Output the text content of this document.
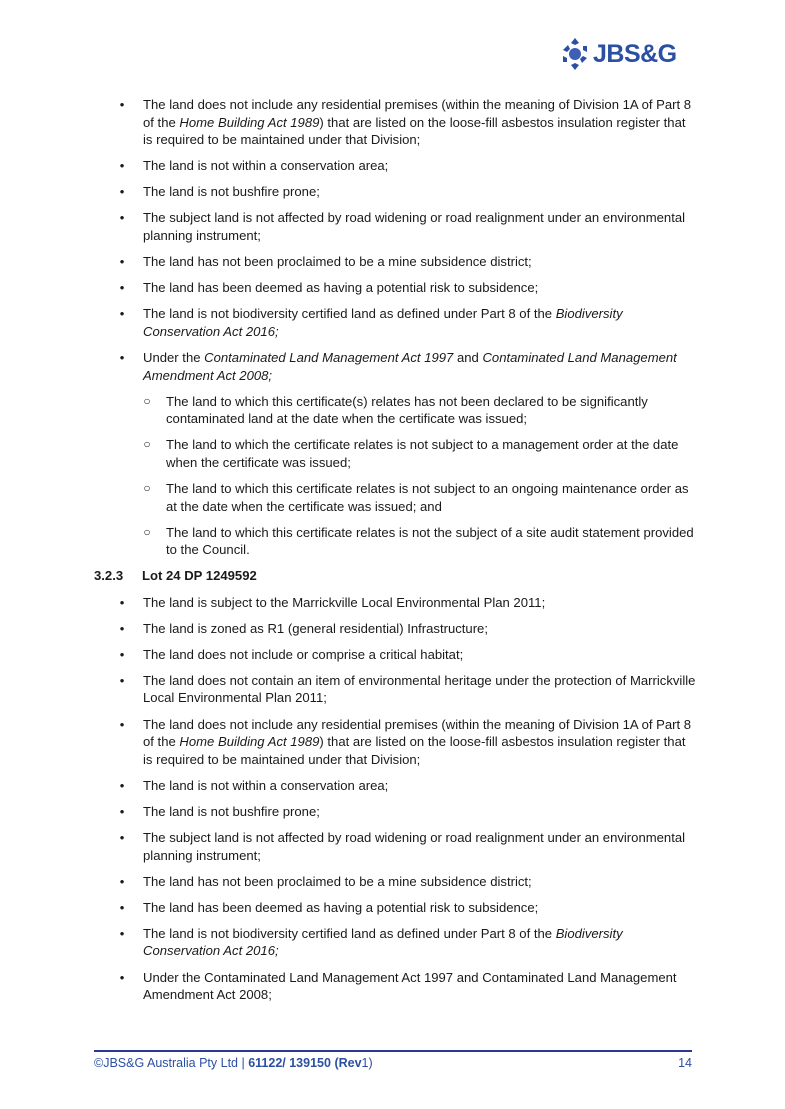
JBS&G
• The land does not include any residential premises (within the meaning of Division 1A of Part 8 of the Home Building Act 1989) that are listed on the loose-fill asbestos insulation register that is required to be maintained under that Division;
• The land is not within a conservation area;
• The land is not bushfire prone;
• The subject land is not affected by road widening or road realignment under an environmental planning instrument;
• The land has not been proclaimed to be a mine subsidence district;
• The land has been deemed as having a potential risk to subsidence;
• The land is not biodiversity certified land as defined under Part 8 of the Biodiversity Conservation Act 2016;
• Under the Contaminated Land Management Act 1997 and Contaminated Land Management Amendment Act 2008;
○ The land to which this certificate(s) relates has not been declared to be significantly contaminated land at the date when the certificate was issued;
○ The land to which the certificate relates is not subject to a management order at the date when the certificate was issued;
○ The land to which this certificate relates is not subject to an ongoing maintenance order as at the date when the certificate was issued; and
○ The land to which this certificate relates is not the subject of a site audit statement provided to the Council.
3.2.3 Lot 24 DP 1249592
• The land is subject to the Marrickville Local Environmental Plan 2011;
• The land is zoned as R1 (general residential) Infrastructure;
• The land does not include or comprise a critical habitat;
• The land does not contain an item of environmental heritage under the protection of Marrickville Local Environmental Plan 2011;
• The land does not include any residential premises (within the meaning of Division 1A of Part 8 of the Home Building Act 1989) that are listed on the loose-fill asbestos insulation register that is required to be maintained under that Division;
• The land is not within a conservation area;
• The land is not bushfire prone;
• The subject land is not affected by road widening or road realignment under an environmental planning instrument;
• The land has not been proclaimed to be a mine subsidence district;
• The land has been deemed as having a potential risk to subsidence;
• The land is not biodiversity certified land as defined under Part 8 of the Biodiversity Conservation Act 2016;
• Under the Contaminated Land Management Act 1997 and Contaminated Land Management Amendment Act 2008;
©JBS&G Australia Pty Ltd | 61122/ 139150 (Rev1)	14
